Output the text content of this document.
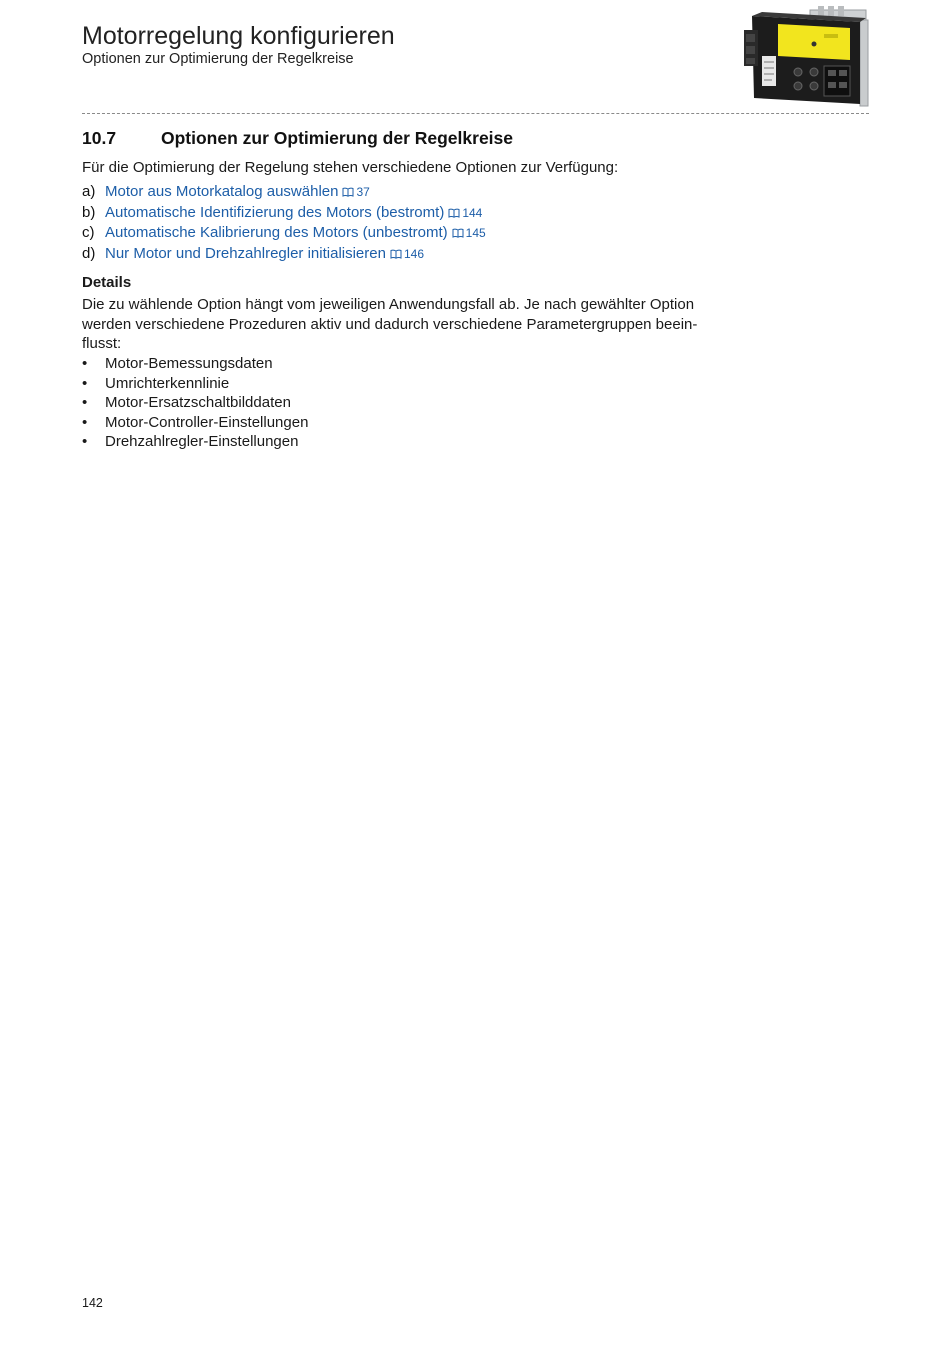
Motorregelung konfigurieren
Optionen zur Optimierung der Regelkreise
10.7	Optionen zur Optimierung der Regelkreise
Für die Optimierung der Regelung stehen verschiedene Optionen zur Verfügung:
a) Motor aus Motorkatalog auswählen 37
b) Automatische Identifizierung des Motors (bestromt) 144
c) Automatische Kalibrierung des Motors (unbestromt) 145
d) Nur Motor und Drehzahlregler initialisieren 146
Details
Die zu wählende Option hängt vom jeweiligen Anwendungsfall ab. Je nach gewählter Option werden verschiedene Prozeduren aktiv und dadurch verschiedene Parametergruppen beeinflusst:
• Motor-Bemessungsdaten
• Umrichterkennlinie
• Motor-Ersatzschaltbilddaten
• Motor-Controller-Einstellungen
• Drehzahlregler-Einstellungen
142
